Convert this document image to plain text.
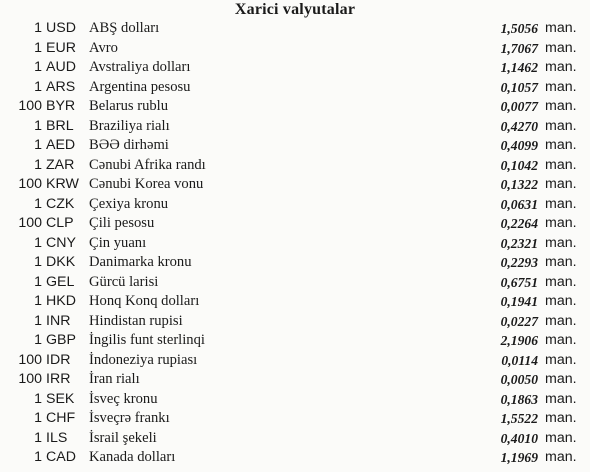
Xarici valyutalar
1 USD ABŞ dolları	1,5056 man.
1 EUR Avro	1,7067 man.
1 AUD Avstraliya dolları	1,1462 man.
1 ARS Argentina pesosu	0,1057 man.
100 BYR Belarus rublu	0,0077 man.
1 BRL Braziliya rialı	0,4270 man.
1 AED BƏƏ dirhəmi	0,4099 man.
1 ZAR Cənubi Afrika randı	0,1042 man.
100 KRW Cənubi Korea vonu	0,1322 man.
1 CZK Çexiya kronu	0,0631 man.
100 CLP Çili pesosu	0,2264 man.
1 CNY Çin yuanı	0,2321 man.
1 DKK Danimarka kronu	0,2293 man.
1 GEL Gürcü larisi	0,6751 man.
1 HKD Honq Konq dolları	0,1941 man.
1 INR Hindistan rupisi	0,0227 man.
1 GBP İngilis funt sterlinqi	2,1906 man.
100 IDR İndoneziya rupiası	0,0114 man.
100 IRR İran rialı	0,0050 man.
1 SEK İsveç kronu	0,1863 man.
1 CHF İsveçrə frankı	1,5522 man.
1 ILS İsrail şekeli	0,4010 man.
1 CAD Kanada dolları	1,1969 man.
